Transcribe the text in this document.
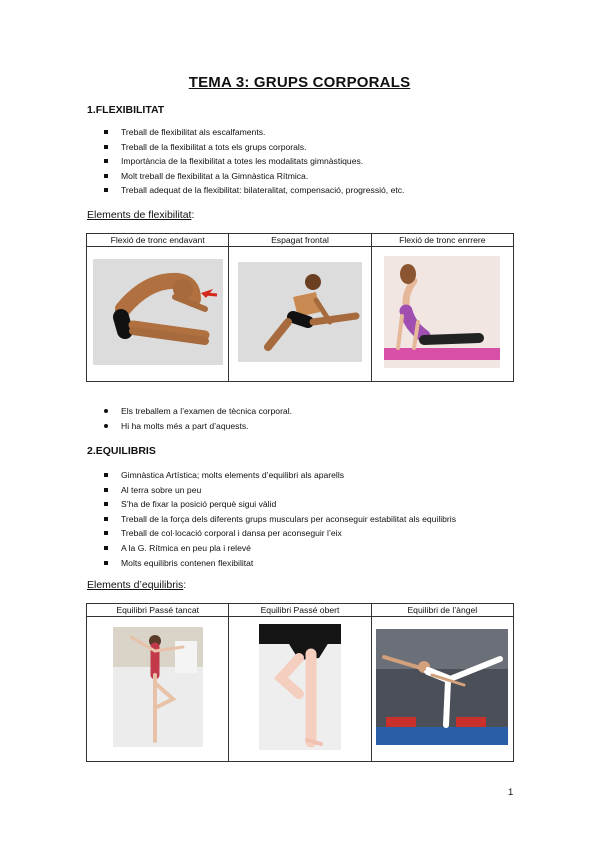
TEMA 3: GRUPS CORPORALS
1.FLEXIBILITAT
Treball de flexibilitat als escalfaments.
Treball de la flexibilitat a tots els grups corporals.
Importància de la flexibilitat a totes les modalitats gimnàstiques.
Molt treball de flexibilitat a la Gimnàstica Rítmica.
Treball adequat de la flexibilitat: bilateralitat, compensació, progressió, etc.
Elements de flexibilitat:
Flexió de tronc endavant	Espagat frontal	Flexió de tronc enrrere

Els treballem a l’examen de tècnica corporal.
Hi ha molts més a part d’aquests.
2.EQUILIBRIS
Gimnàstica Artística; molts elements d’equilibri als aparells
Al terra sobre un peu
S’ha de fixar la posició perquè sigui vàlid
Treball de la força dels diferents grups musculars per aconseguir estabilitat als equilibris
Treball de col·locació corporal i dansa per aconseguir l’eix
A la G. Rítmica en peu pla i relevé
Molts equilibris contenen flexibilitat
Elements d’equilibris:
Equilibri Passé tancat	Equilibri Passé obert	Equilibri de l’àngel

1
